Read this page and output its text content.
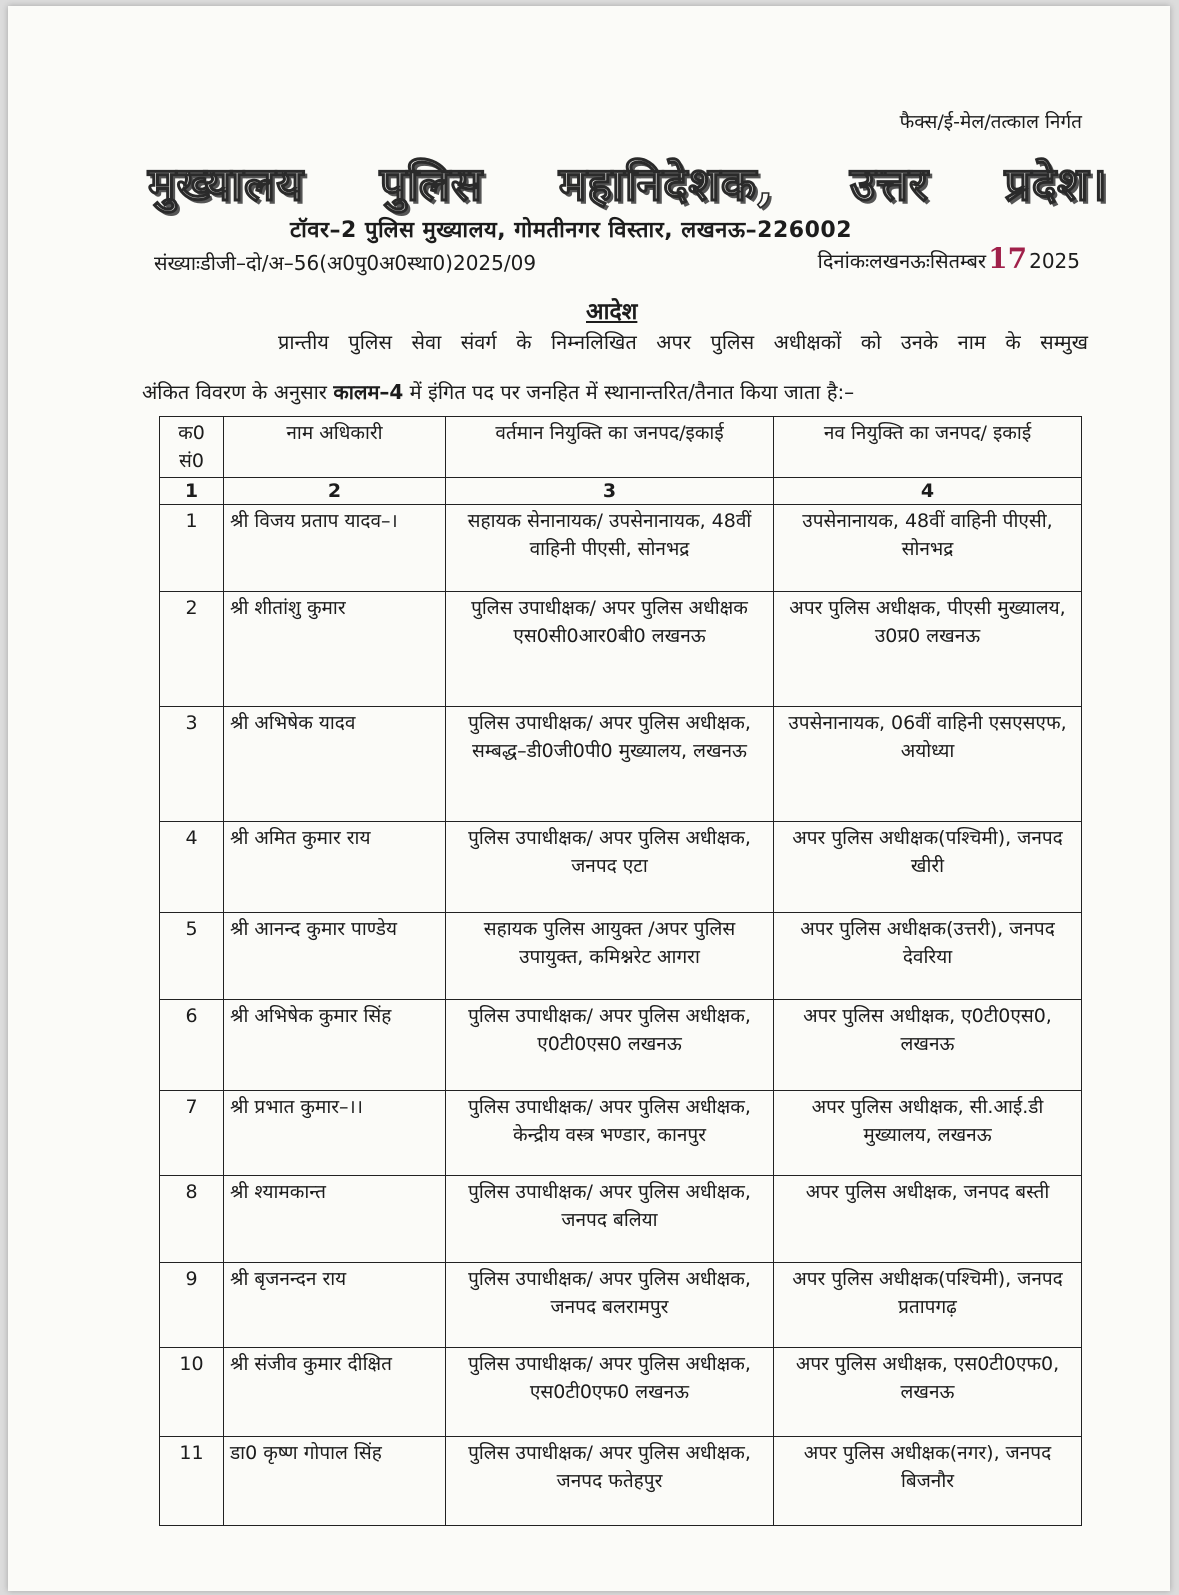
फैक्स/ई-मेल/तत्काल निर्गत
मुख्यालय पुलिस महानिदेशक, उत्तर प्रदेश।
टॉवर–2 पुलिस मुख्यालय, गोमतीनगर विस्तार, लखनऊ–226002
संख्याःडीजी–दो/अ–56(अ0पु0अ0स्था0)2025/09	दिनांकःलखनऊःसितम्बर17 2025
आदेश
प्रान्तीय पुलिस सेवा संवर्ग के निम्नलिखित अपर पुलिस अधीक्षकों को उनके नाम के सम्मुख
अंकित विवरण के अनुसार कालम–4 में इंगित पद पर जनहित में स्थानान्तरित/तैनात किया जाता है:–
क0 सं0	नाम अधिकारी	वर्तमान नियुक्ति का जनपद/इकाई	नव नियुक्ति का जनपद/ इकाई
1	2	3	4
1	श्री विजय प्रताप यादव–।	सहायक सेनानायक/ उपसेनानायक, 48वीं वाहिनी पीएसी, सोनभद्र	उपसेनानायक, 48वीं वाहिनी पीएसी, सोनभद्र
2	श्री शीतांशु कुमार	पुलिस उपाधीक्षक/ अपर पुलिस अधीक्षक एस0सी0आर0बी0 लखनऊ	अपर पुलिस अधीक्षक, पीएसी मुख्यालय, उ0प्र0 लखनऊ
3	श्री अभिषेक यादव	पुलिस उपाधीक्षक/ अपर पुलिस अधीक्षक, सम्बद्ध–डी0जी0पी0 मुख्यालय, लखनऊ	उपसेनानायक, 06वीं वाहिनी एसएसएफ, अयोध्या
4	श्री अमित कुमार राय	पुलिस उपाधीक्षक/ अपर पुलिस अधीक्षक, जनपद एटा	अपर पुलिस अधीक्षक(पश्चिमी), जनपद खीरी
5	श्री आनन्द कुमार पाण्डेय	सहायक पुलिस आयुक्त /अपर पुलिस उपायुक्त, कमिश्नरेट आगरा	अपर पुलिस अधीक्षक(उत्तरी), जनपद देवरिया
6	श्री अभिषेक कुमार सिंह	पुलिस उपाधीक्षक/ अपर पुलिस अधीक्षक, ए0टी0एस0 लखनऊ	अपर पुलिस अधीक्षक, ए0टी0एस0, लखनऊ
7	श्री प्रभात कुमार–।।	पुलिस उपाधीक्षक/ अपर पुलिस अधीक्षक, केन्द्रीय वस्त्र भण्डार, कानपुर	अपर पुलिस अधीक्षक, सी.आई.डी मुख्यालय, लखनऊ
8	श्री श्यामकान्त	पुलिस उपाधीक्षक/ अपर पुलिस अधीक्षक, जनपद बलिया	अपर पुलिस अधीक्षक, जनपद बस्ती
9	श्री बृजनन्दन राय	पुलिस उपाधीक्षक/ अपर पुलिस अधीक्षक, जनपद बलरामपुर	अपर पुलिस अधीक्षक(पश्चिमी), जनपद प्रतापगढ़
10	श्री संजीव कुमार दीक्षित	पुलिस उपाधीक्षक/ अपर पुलिस अधीक्षक, एस0टी0एफ0 लखनऊ	अपर पुलिस अधीक्षक, एस0टी0एफ0, लखनऊ
11	डा0 कृष्ण गोपाल सिंह	पुलिस उपाधीक्षक/ अपर पुलिस अधीक्षक, जनपद फतेहपुर	अपर पुलिस अधीक्षक(नगर), जनपद बिजनौर
